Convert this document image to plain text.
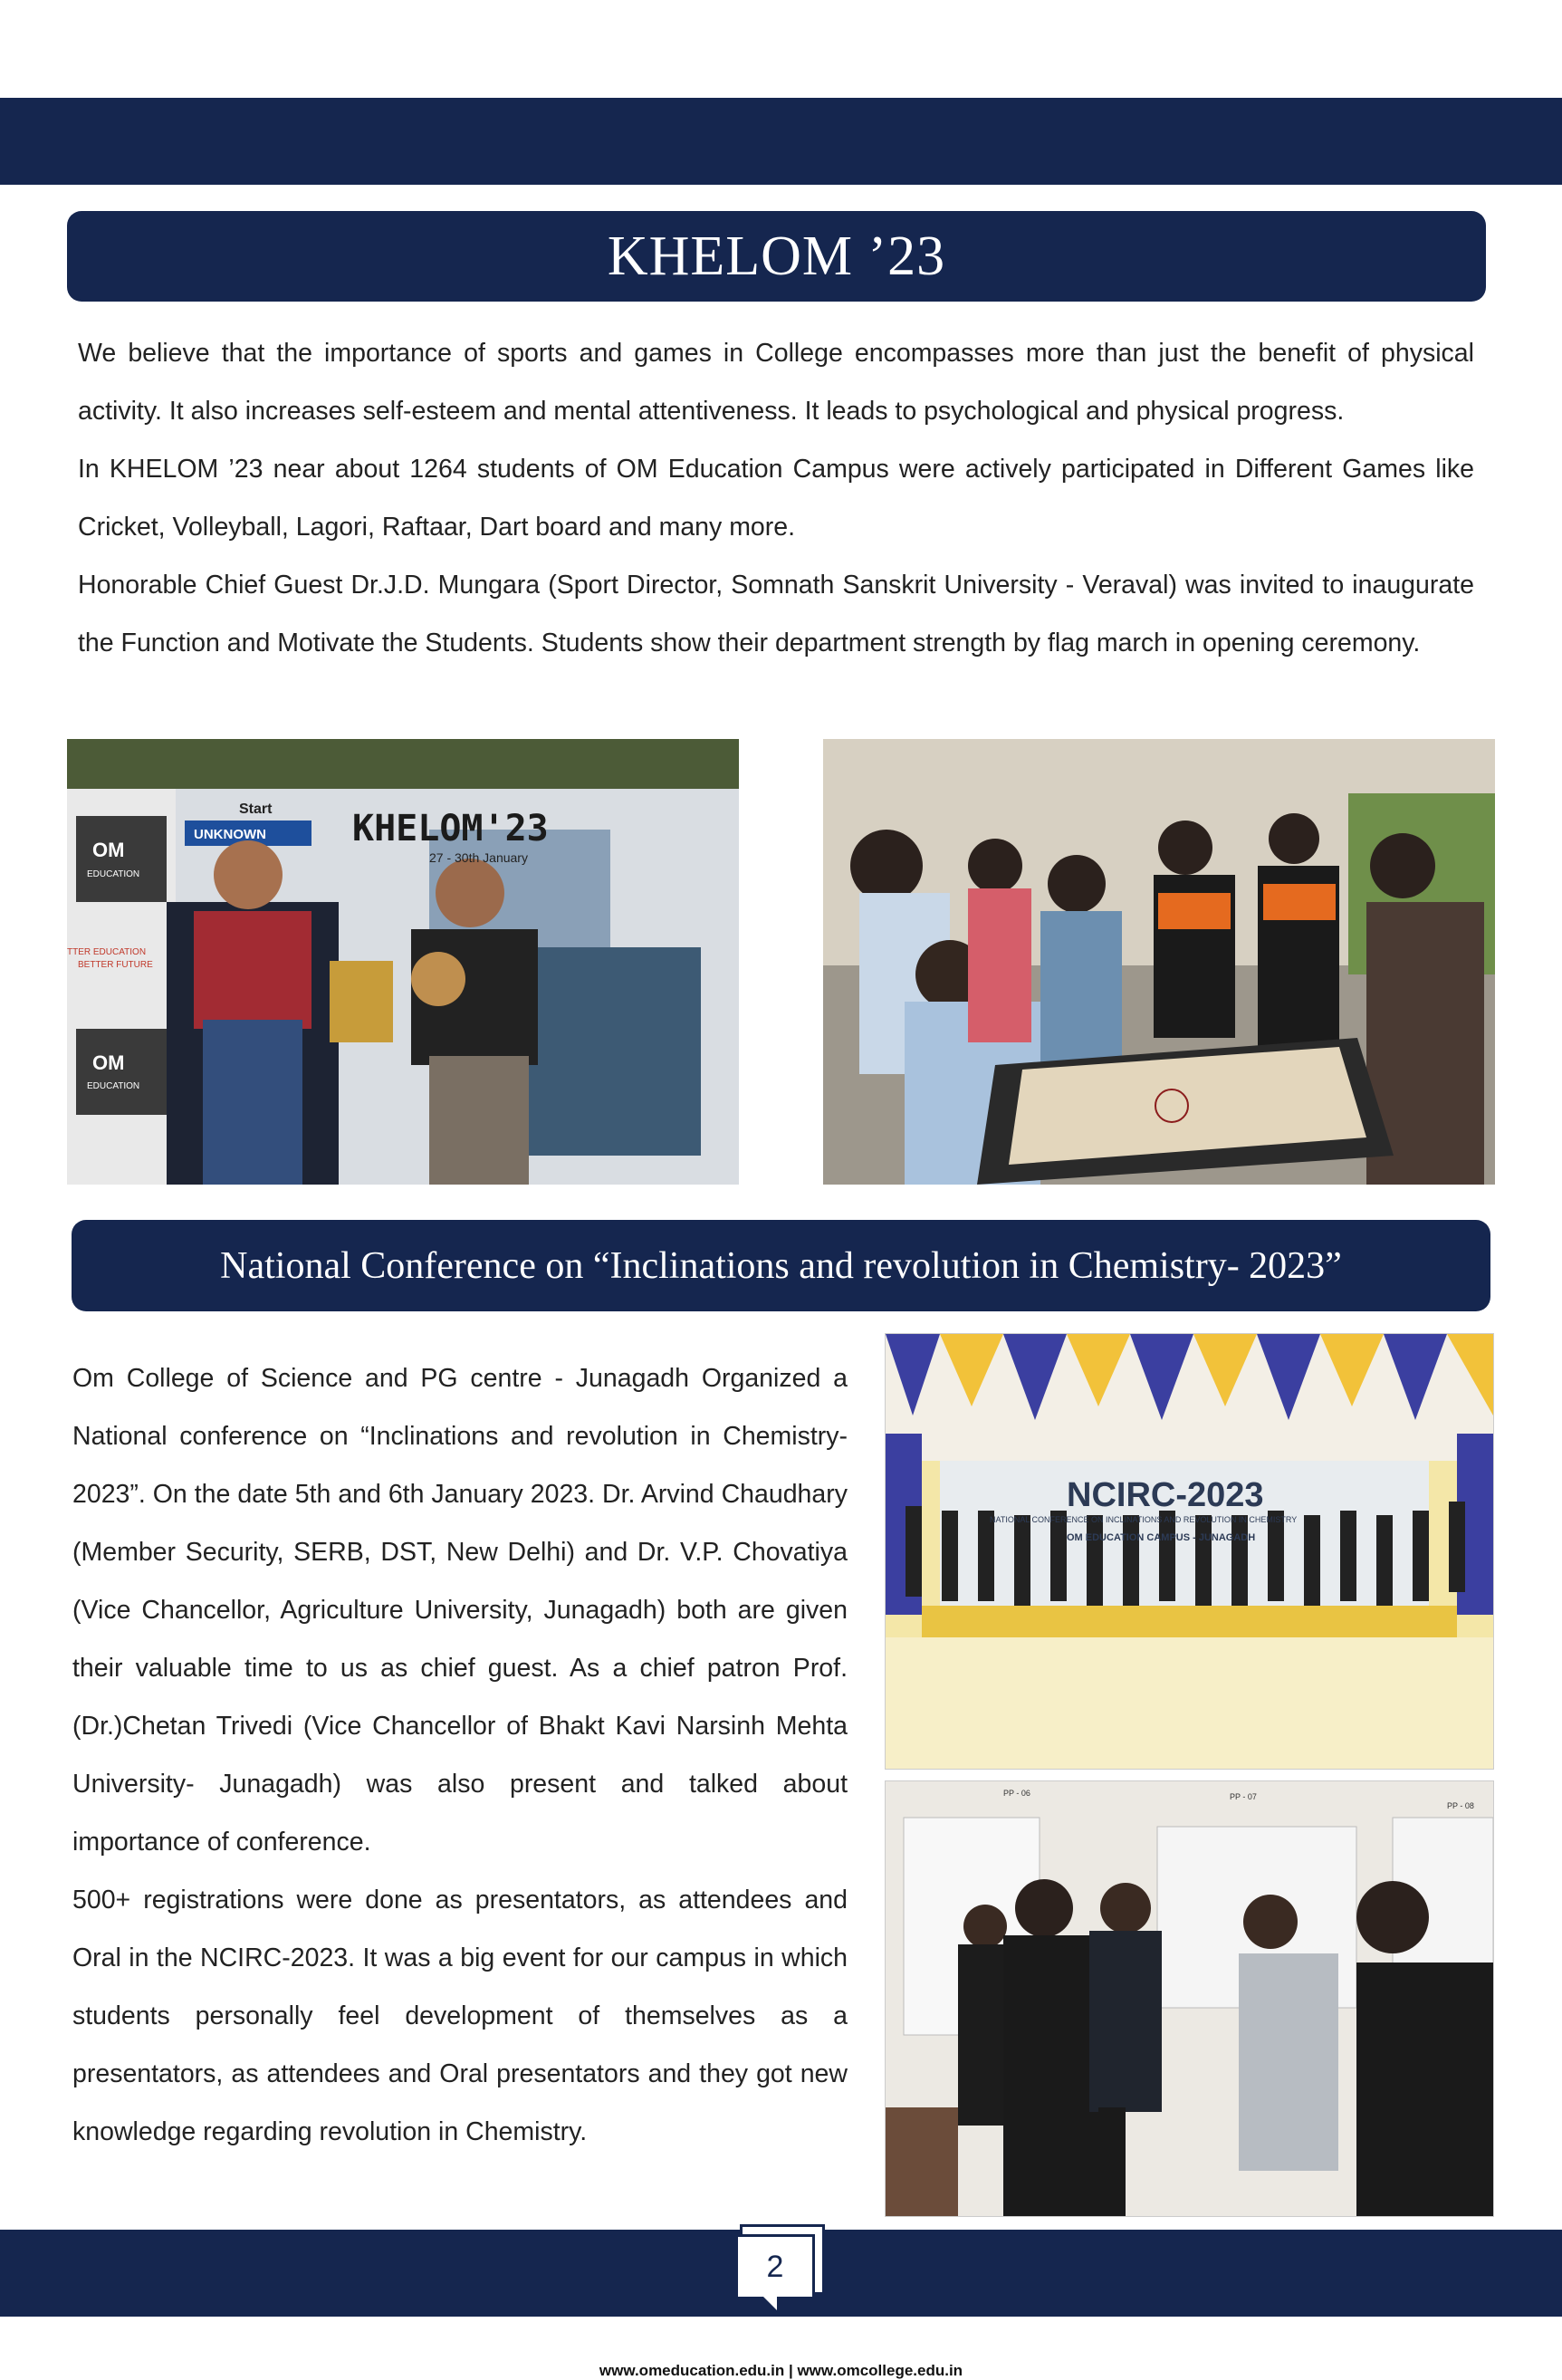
KHELOM ’23

We believe that the importance of sports and games in College encompasses more than just the benefit of physical activity. It also increases self-esteem and mental attentiveness. It leads to psychological and physical progress.

In KHELOM ’23 near about 1264 students of OM Education Campus were actively participated in Different Games like Cricket, Volleyball, Lagori, Raftaar, Dart board and many more.

Honorable Chief Guest Dr.J.D. Mungara (Sport Director, Somnath Sanskrit University - Veraval) was invited to inaugurate the Function and Motivate the Students. Students show their department strength by flag march in opening ceremony.

OM
EDUCATION
OM
EDUCATION
TTER EDUCATION
BETTER FUTURE
Start
UNKNOWN KHELOM'23
27 - 30th January
National Conference on “Inclinations and revolution in Chemistry- 2023”

Om College of Science and PG centre - Junagadh Organized a National conference on “Inclinations and revolution in Chemistry-2023”. On the date 5th and 6th January 2023. Dr. Arvind Chaudhary (Member Security, SERB, DST, New Delhi) and Dr. V.P. Chovatiya (Vice Chancellor, Agriculture University, Junagadh) both are given their valuable time to us as chief guest. As a chief patron Prof.(Dr.)Chetan Trivedi (Vice Chancellor of Bhakt Kavi Narsinh Mehta University- Junagadh) was also present and talked about importance of conference.

500+ registrations were done as presentators, as attendees and Oral in the NCIRC-2023. It was a big event for our campus in which students personally feel development of themselves as a presentators, as attendees and Oral presentators and they got new knowledge regarding revolution in Chemistry.

NCIRC-2023
NATIONAL CONFERENCE ON INCLINATIONS AND REVOLUTION IN CHEMISTRY
OM EDUCATION CAMPUS - JUNAGADH
PP - 06	PP - 07
PP - 08
2
www.omeducation.edu.in | www.omcollege.edu.in
